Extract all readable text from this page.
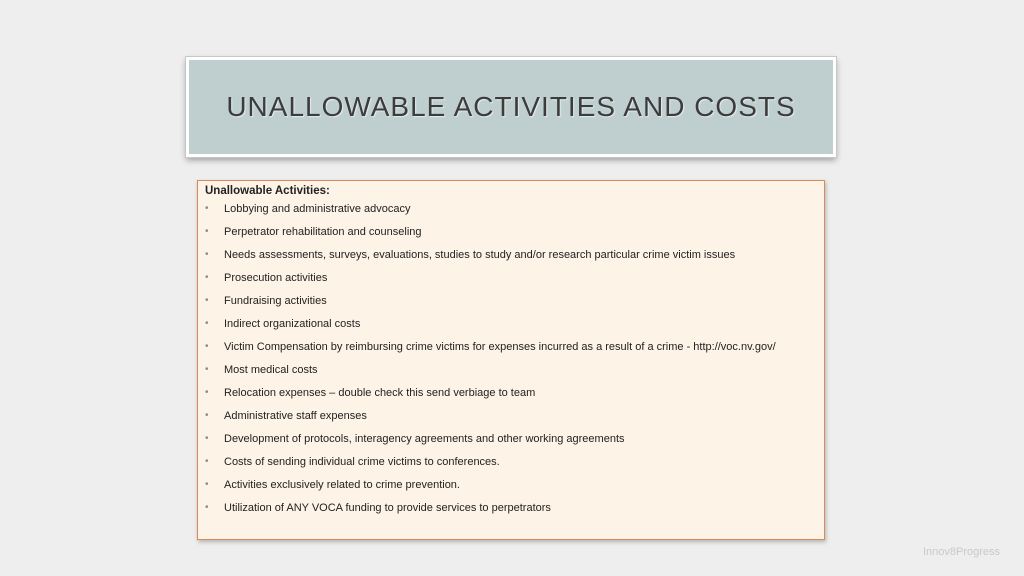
UNALLOWABLE ACTIVITIES AND COSTS
Unallowable Activities:
• Lobbying and administrative advocacy
• Perpetrator rehabilitation and counseling
• Needs assessments, surveys, evaluations, studies to study and/or research particular crime victim issues
• Prosecution activities
• Fundraising activities
• Indirect organizational costs
• Victim Compensation by reimbursing crime victims for expenses incurred as a result of a crime - http://voc.nv.gov/
• Most medical costs
• Relocation expenses – double check this send verbiage to team
• Administrative staff expenses
• Development of protocols, interagency agreements and other working agreements
• Costs of sending individual crime victims to conferences.
• Activities exclusively related to crime prevention.
• Utilization of ANY VOCA funding to provide services to perpetrators
Innov8Progress
